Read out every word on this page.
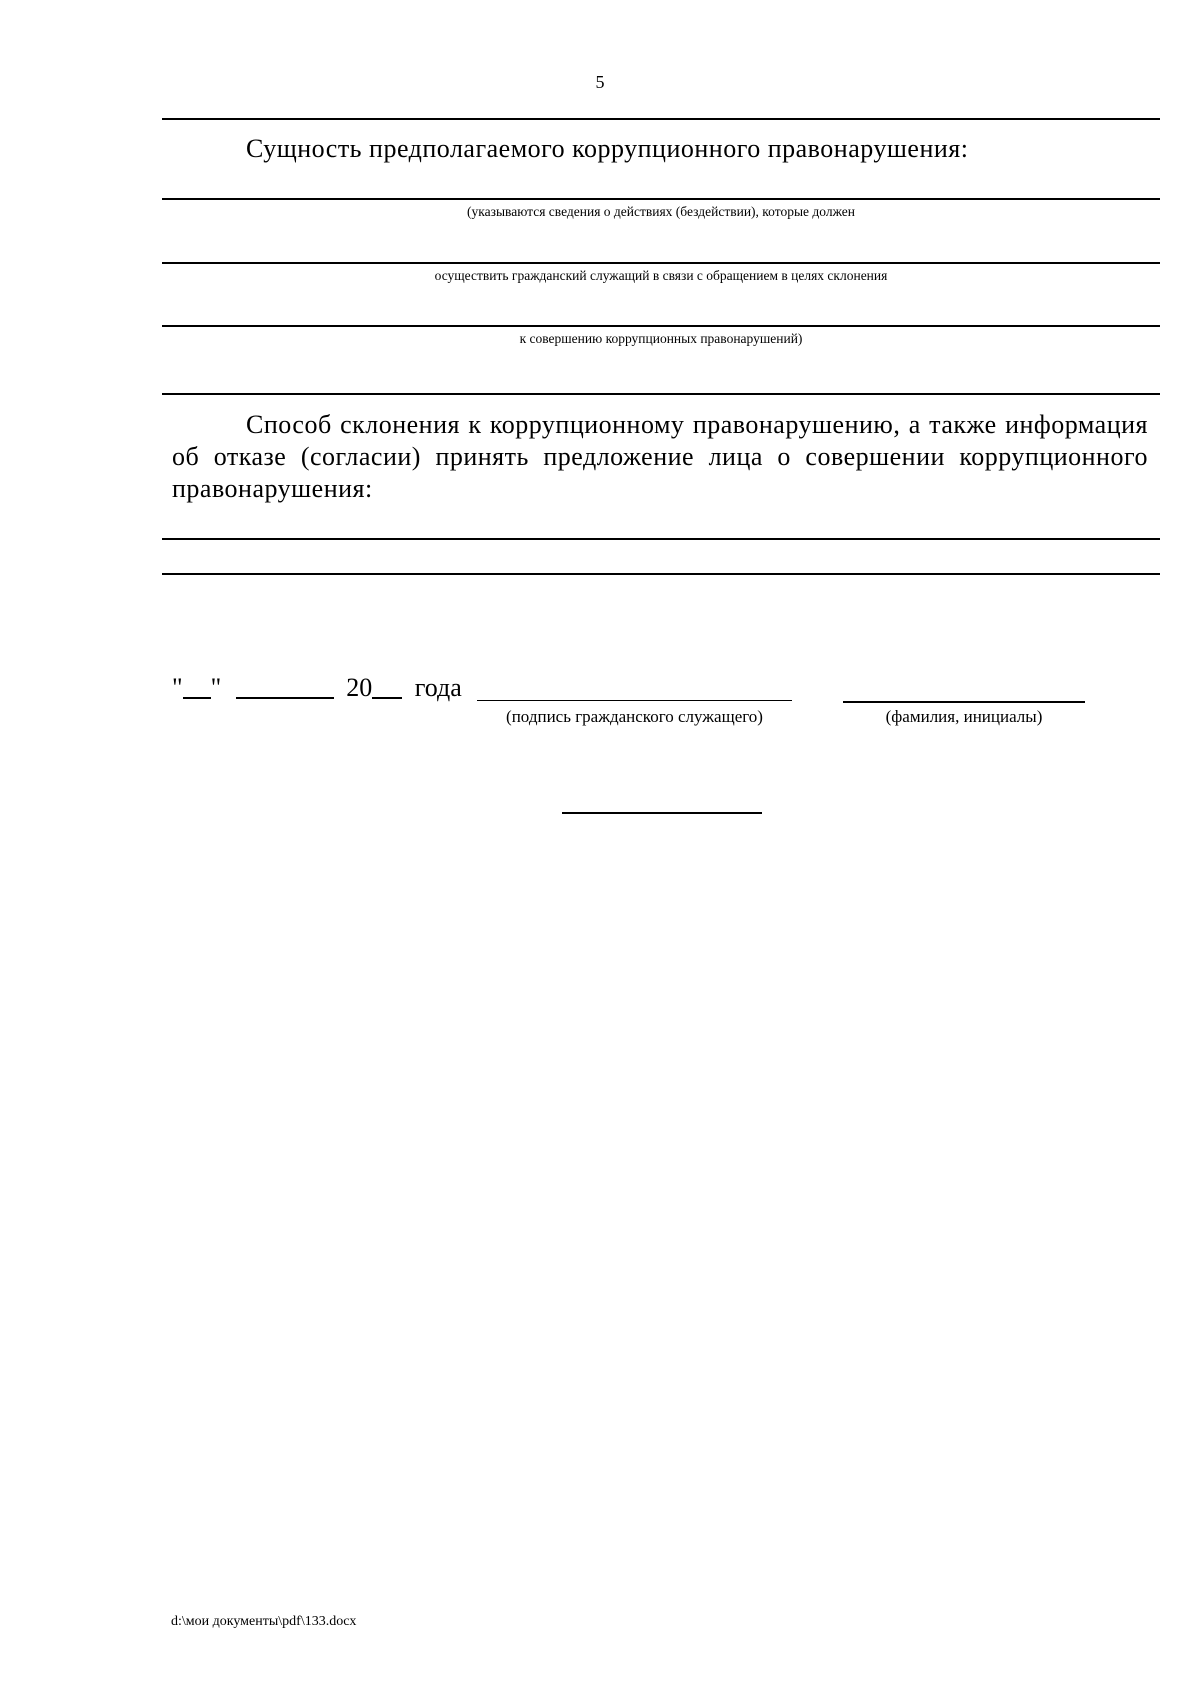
5
Сущность предполагаемого коррупционного правонарушения:
(указываются сведения о действиях (бездействии), которые должен
осуществить гражданский служащий в связи с обращением в целях склонения
к совершению коррупционных правонарушений)
Способ склонения к коррупционному правонарушению, а также информация об отказе (согласии) принять предложение лица о совершении коррупционного правонарушения:
" "	20 года
(подпись гражданского служащего)	(фамилия, инициалы)
d:\мои документы\pdf\133.docx
